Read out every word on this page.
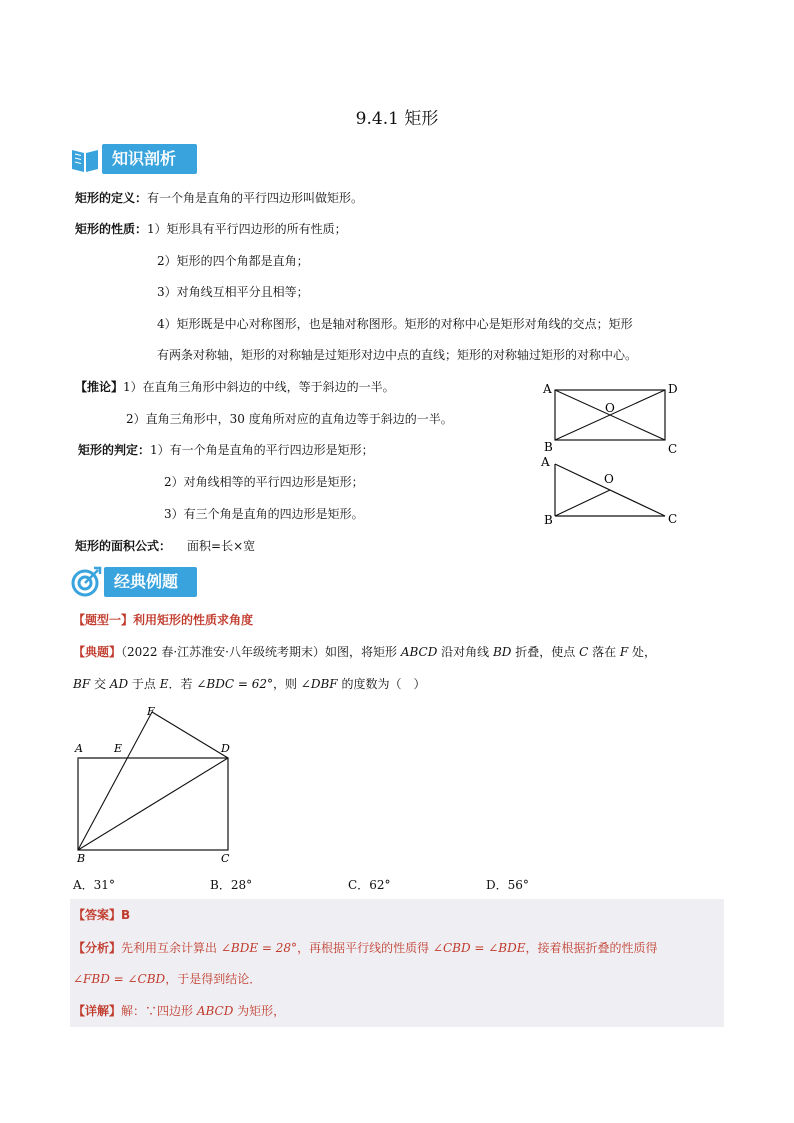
9.4.1 矩形
知识剖析
矩形的定义：有一个角是直角的平行四边形叫做矩形。
矩形的性质：1）矩形具有平行四边形的所有性质；
2）矩形的四个角都是直角；
3）对角线互相平分且相等；
4）矩形既是中心对称图形，也是轴对称图形。矩形的对称中心是矩形对角线的交点；矩形
有两条对称轴，矩形的对称轴是过矩形对边中点的直线；矩形的对称轴过矩形的对称中心。
【推论】1）在直角三角形中斜边的中线，等于斜边的一半。
2）直角三角形中，30 度角所对应的直角边等于斜边的一半。
矩形的判定：1）有一个角是直角的平行四边形是矩形；
2）对角线相等的平行四边形是矩形；
3）有三个角是直角的四边形是矩形。
矩形的面积公式： 面积=长×宽
A	D
O
B	C
A
O
B	C
经典例题
【题型一】利用矩形的性质求角度
【典题】（2022 春·江苏淮安·八年级统考期末）如图，将矩形 ABCD 沿对角线 BD 折叠，使点 C 落在 F 处，
BF 交 AD 于点 E．若 ∠BDC = 62°，则 ∠DBF 的度数为（　）
F
A	E	D
B	C
A．31°	B．28°	C．62°	D．56°
【答案】B
【分析】先利用互余计算出 ∠BDE = 28°，再根据平行线的性质得 ∠CBD = ∠BDE，接着根据折叠的性质得
∠FBD = ∠CBD，于是得到结论．
【详解】解：∵四边形 ABCD 为矩形，
